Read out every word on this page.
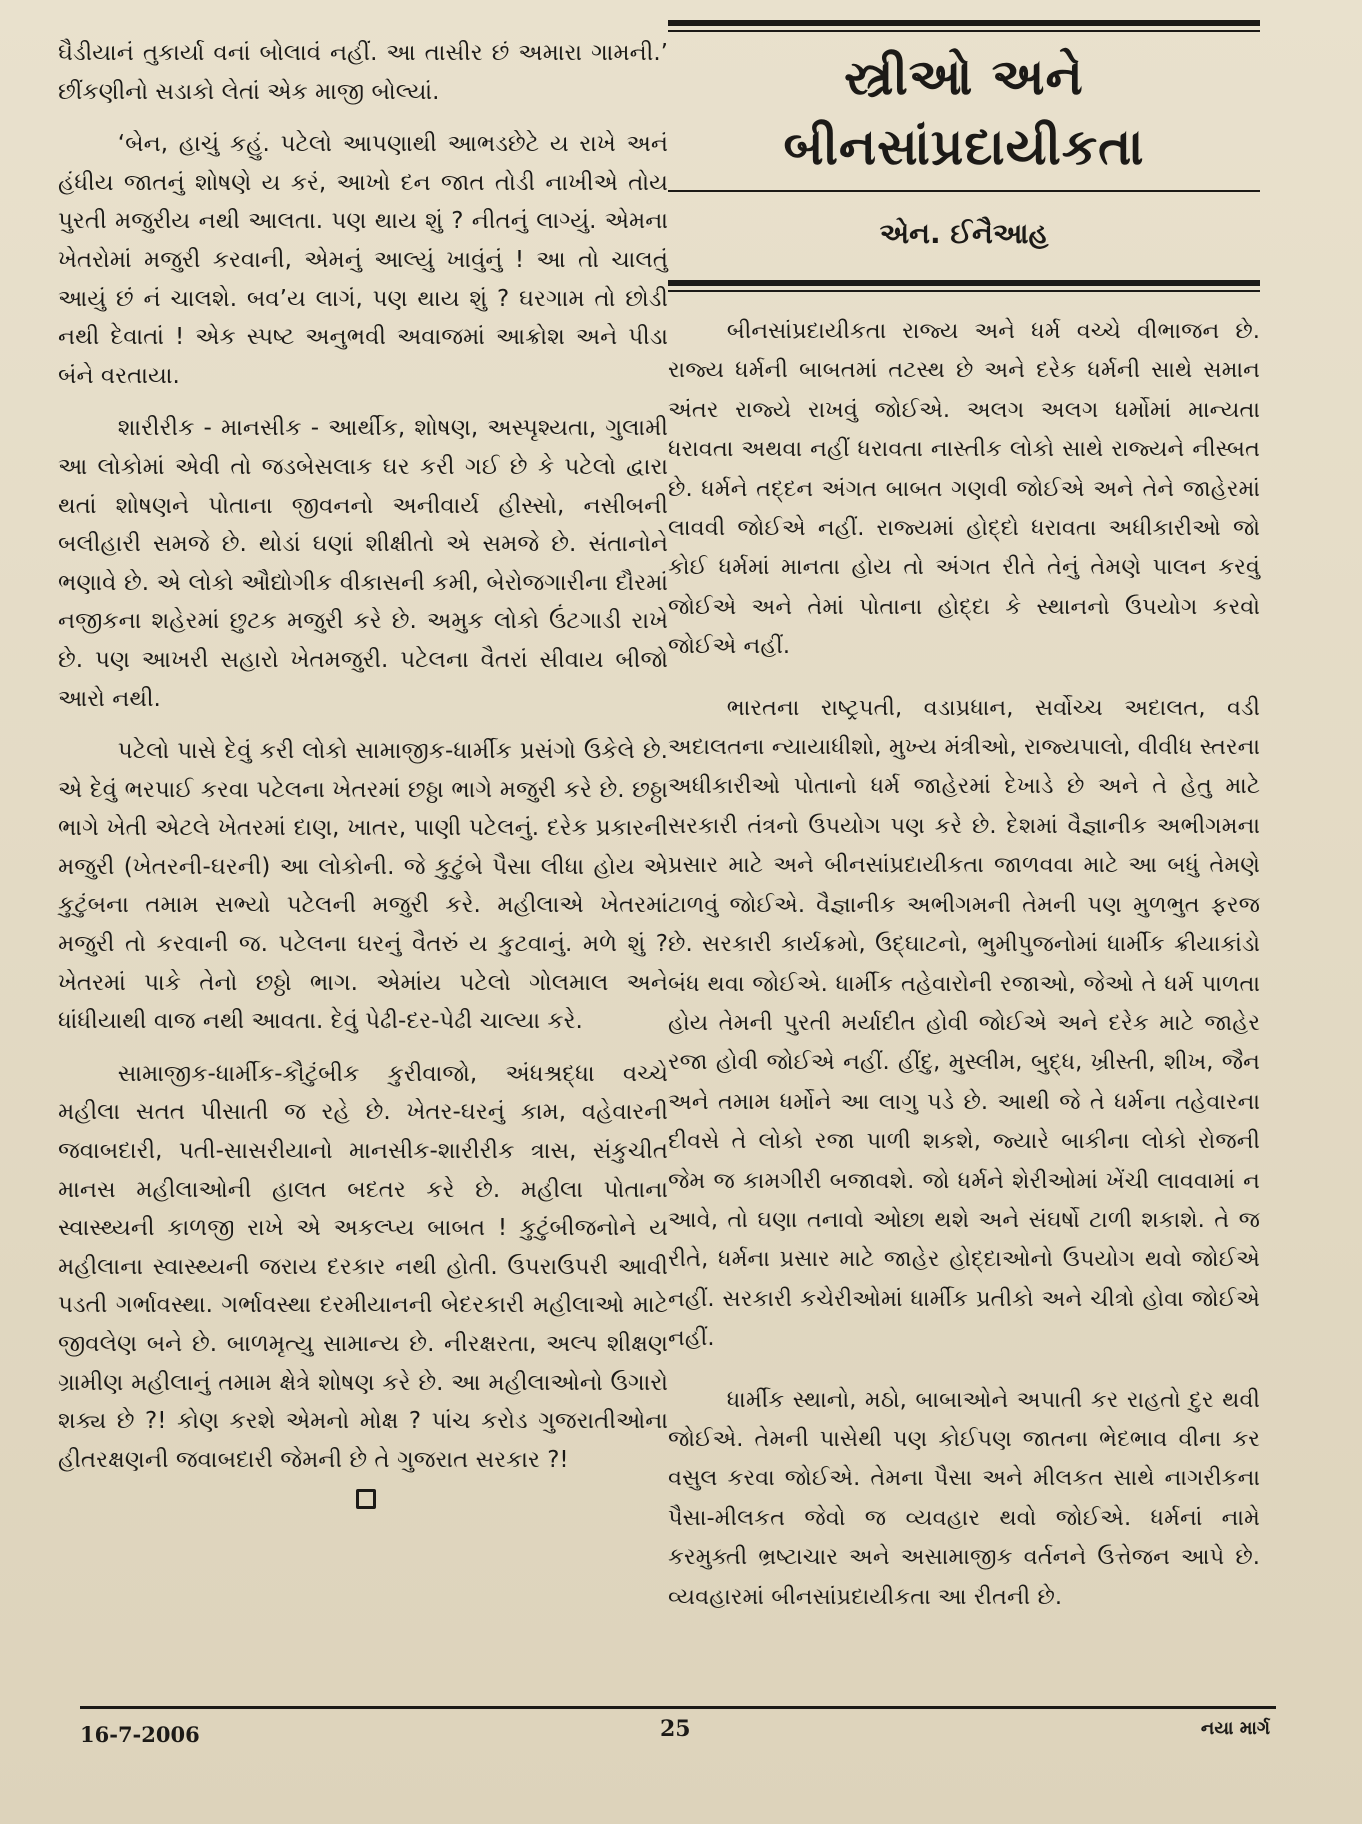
ઘૈડીયાનં તુકાર્યા વનાં બોલાવં નહીં. આ તાસીર છં અમારા ગામની.’ છીંકણીનો સડાકો લેતાં એક માજી બોલ્યાં.

‘બેન, હાચું કહું. પટેલો આપણાથી આભડછેટે ય રાખે અનં હંધીય જાતનું શોષણે ય કરં, આખો દન જાત તોડી નાખીએ તોય પુરતી મજુરીય નથી આલતા. પણ થાય શું ? નીતનું લાગ્યું. એમના ખેતરોમાં મજુરી કરવાની, એમનું આલ્યું ખાવુંનું ! આ તો ચાલતું આયું છં નં ચાલશે. બવ’ય લાગં, પણ થાય શું ? ઘરગામ તો છોડી નથી દેવાતાં ! એક સ્પષ્ટ અનુભવી અવાજમાં આક્રોશ અને પીડા બંને વરતાયા.

શારીરીક - માનસીક - આર્થીક, શોષણ, અસ્પૃશ્યતા, ગુલામી આ લોકોમાં એવી તો જડબેસલાક ઘર કરી ગઈ છે કે પટેલો દ્વારા થતાં શોષણને પોતાના જીવનનો અનીવાર્ય હીસ્સો, નસીબની બલીહારી સમજે છે. થોડાં ઘણાં શીક્ષીતો એ સમજે છે. સંતાનોને ભણાવે છે. એ લોકો ઔદ્યોગીક વીકાસની કમી, બેરોજગારીના દૌરમાં નજીકના શહેરમાં છુટક મજુરી કરે છે. અમુક લોકો ઉંટગાડી રાખે છે. પણ આખરી સહારો ખેતમજુરી. પટેલના વૈતરાં સીવાય બીજો આરો નથી.

પટેલો પાસે દેવું કરી લોકો સામાજીક-ધાર્મીક પ્રસંગો ઉકેલે છે. એ દેવું ભરપાઈ કરવા પટેલના ખેતરમાં છઠ્ઠા ભાગે મજુરી કરે છે. છઠ્ઠા ભાગે ખેતી એટલે ખેતરમાં દાણ, ખાતર, પાણી પટેલનું. દરેક પ્રકારની મજુરી (ખેતરની-ઘરની) આ લોકોની. જે કુટુંબે પૈસા લીધા હોય એ કુટુંબના તમામ સભ્યો પટેલની મજુરી કરે. મહીલાએ ખેતરમાં મજુરી તો કરવાની જ. પટેલના ઘરનું વૈતરું ય કુટવાનું. મળે શું ? ખેતરમાં પાકે તેનો છઠ્ઠો ભાગ. એમાંય પટેલો ગોલમાલ અને ધાંધીયાથી વાજ નથી આવતા. દેવું પેઢી-દર-પેઢી ચાલ્યા કરે.

સામાજીક-ધાર્મીક-કૌટુંબીક કુરીવાજો, અંધશ્રદ્ધા વચ્ચે મહીલા સતત પીસાતી જ રહે છે. ખેતર-ઘરનું કામ, વહેવારની જવાબદારી, પતી-સાસરીયાનો માનસીક-શારીરીક ત્રાસ, સંકુચીત માનસ મહીલાઓની હાલત બદતર કરે છે. મહીલા પોતાના સ્વાસ્થ્યની કાળજી રાખે એ અકલ્પ્ય બાબત ! કુટુંબીજનોને ય મહીલાના સ્વાસ્થ્યની જરાય દરકાર નથી હોતી. ઉપરાઉપરી આવી પડતી ગર્ભાવસ્થા. ગર્ભાવસ્થા દરમીયાનની બેદરકારી મહીલાઓ માટે જીવલેણ બને છે. બાળમૃત્યુ સામાન્ય છે. નીરક્ષરતા, અલ્પ શીક્ષણ ગ્રામીણ મહીલાનું તમામ ક્ષેત્રે શોષણ કરે છે. આ મહીલાઓનો ઉગારો શક્ય છે ?! કોણ કરશે એમનો મોક્ષ ? પાંચ કરોડ ગુજરાતીઓના હીતરક્ષણની જવાબદારી જેમની છે તે ગુજરાત સરકાર ?!

સ્ત્રીઓ અને બીનસાંપ્રદાયીકતા
એન. ઈનૈઆહ

બીનસાંપ્રદાયીકતા રાજ્ય અને ધર્મ વચ્ચે વીભાજન છે. રાજ્ય ધર્મની બાબતમાં તટસ્થ છે અને દરેક ધર્મની સાથે સમાન અંતર રાજ્યે રાખવું જોઈએ. અલગ અલગ ધર્મોમાં માન્યતા ધરાવતા અથવા નહીં ધરાવતા નાસ્તીક લોકો સાથે રાજ્યને નીસ્બત છે. ધર્મને તદ્દન અંગત બાબત ગણવી જોઈએ અને તેને જાહેરમાં લાવવી જોઈએ નહીં. રાજ્યમાં હોદ્દો ધરાવતા અધીકારીઓ જો કોઈ ધર્મમાં માનતા હોય તો અંગત રીતે તેનું તેમણે પાલન કરવું જોઈએ અને તેમાં પોતાના હોદ્દા કે સ્થાનનો ઉપયોગ કરવો જોઈએ નહીં.

ભારતના રાષ્ટ્રપતી, વડાપ્રધાન, સર્વોચ્ચ અદાલત, વડી અદાલતના ન્યાયાધીશો, મુખ્ય મંત્રીઓ, રાજ્યપાલો, વીવીધ સ્તરના અધીકારીઓ પોતાનો ધર્મ જાહેરમાં દેખાડે છે અને તે હેતુ માટે સરકારી તંત્રનો ઉપયોગ પણ કરે છે. દેશમાં વૈજ્ઞાનીક અભીગમના પ્રસાર માટે અને બીનસાંપ્રદાયીકતા જાળવવા માટે આ બધું તેમણે ટાળવું જોઈએ. વૈજ્ઞાનીક અભીગમની તેમની પણ મુળભુત ફરજ છે. સરકારી કાર્યક્રમો, ઉદ્ઘાટનો, ભુમીપુજનોમાં ધાર્મીક ક્રીયાકાંડો બંધ થવા જોઈએ. ધાર્મીક તહેવારોની રજાઓ, જેઓ તે ધર્મ પાળતા હોય તેમની પુરતી મર્યાદીત હોવી જોઈએ અને દરેક માટે જાહેર રજા હોવી જોઈએ નહીં. હીંદુ, મુસ્લીમ, બુદ્ધ, ખ્રીસ્તી, શીખ, જૈન અને તમામ ધર્મોને આ લાગુ પડે છે. આથી જે તે ધર્મના તહેવારના દીવસે તે લોકો રજા પાળી શકશે, જ્યારે બાકીના લોકો રોજની જેમ જ કામગીરી બજાવશે. જો ધર્મને શેરીઓમાં ખેંચી લાવવામાં ન આવે, તો ઘણા તનાવો ઓછા થશે અને સંઘર્ષો ટાળી શકાશે. તે જ રીતે, ધર્મના પ્રસાર માટે જાહેર હોદ્દાઓનો ઉપયોગ થવો જોઈએ નહીં. સરકારી કચેરીઓમાં ધાર્મીક પ્રતીકો અને ચીત્રો હોવા જોઈએ નહીં.

ધાર્મીક સ્થાનો, મઠો, બાબાઓને અપાતી કર રાહતો દુર થવી જોઈએ. તેમની પાસેથી પણ કોઈપણ જાતના ભેદભાવ વીના કર વસુલ કરવા જોઈએ. તેમના પૈસા અને મીલકત સાથે નાગરીકના પૈસા-મીલકત જેવો જ વ્યવહાર થવો જોઈએ. ધર્મનાં નામે કરમુક્તી ભ્રષ્ટાચાર અને અસામાજીક વર્તનને ઉત્તેજન આપે છે. વ્યવહારમાં બીનસાંપ્રદાયીકતા આ રીતની છે.

16-7-2006	25	નયા માર્ગ
